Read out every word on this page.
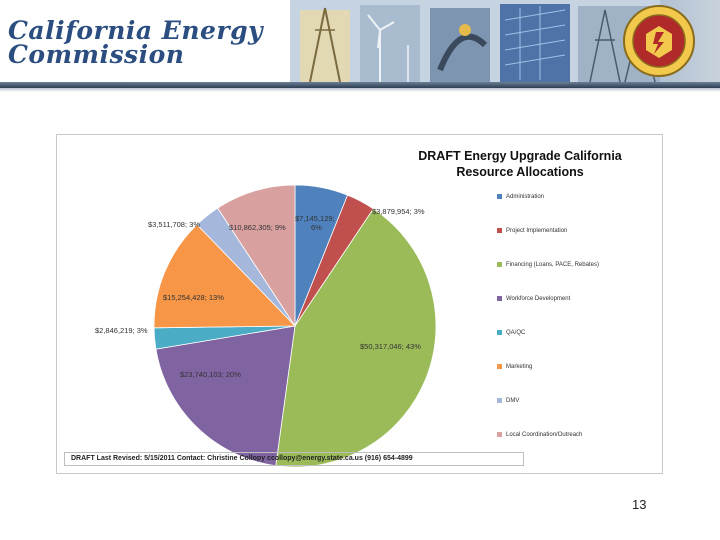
California Energy
Commission
$7,145,129;
6%
$3,879,954; 3%
$50,317,046; 43%
$23,740,103; 20%
$2,846,219; 3%
$15,254,428; 13%
$3,511,708; 3%	$10,862,305; 9%
DRAFT Energy Upgrade California
Resource Allocations
Administration
Project Implementation
Financing (Loans, PACE, Rebates)
Workforce Development
QA/QC
Marketing
DMV
Local Coordination/Outreach
DRAFT Last Revised: 5/15/2011 Contact: Christine Collopy ccollopy@energy.state.ca.us (916) 654-4899
13
